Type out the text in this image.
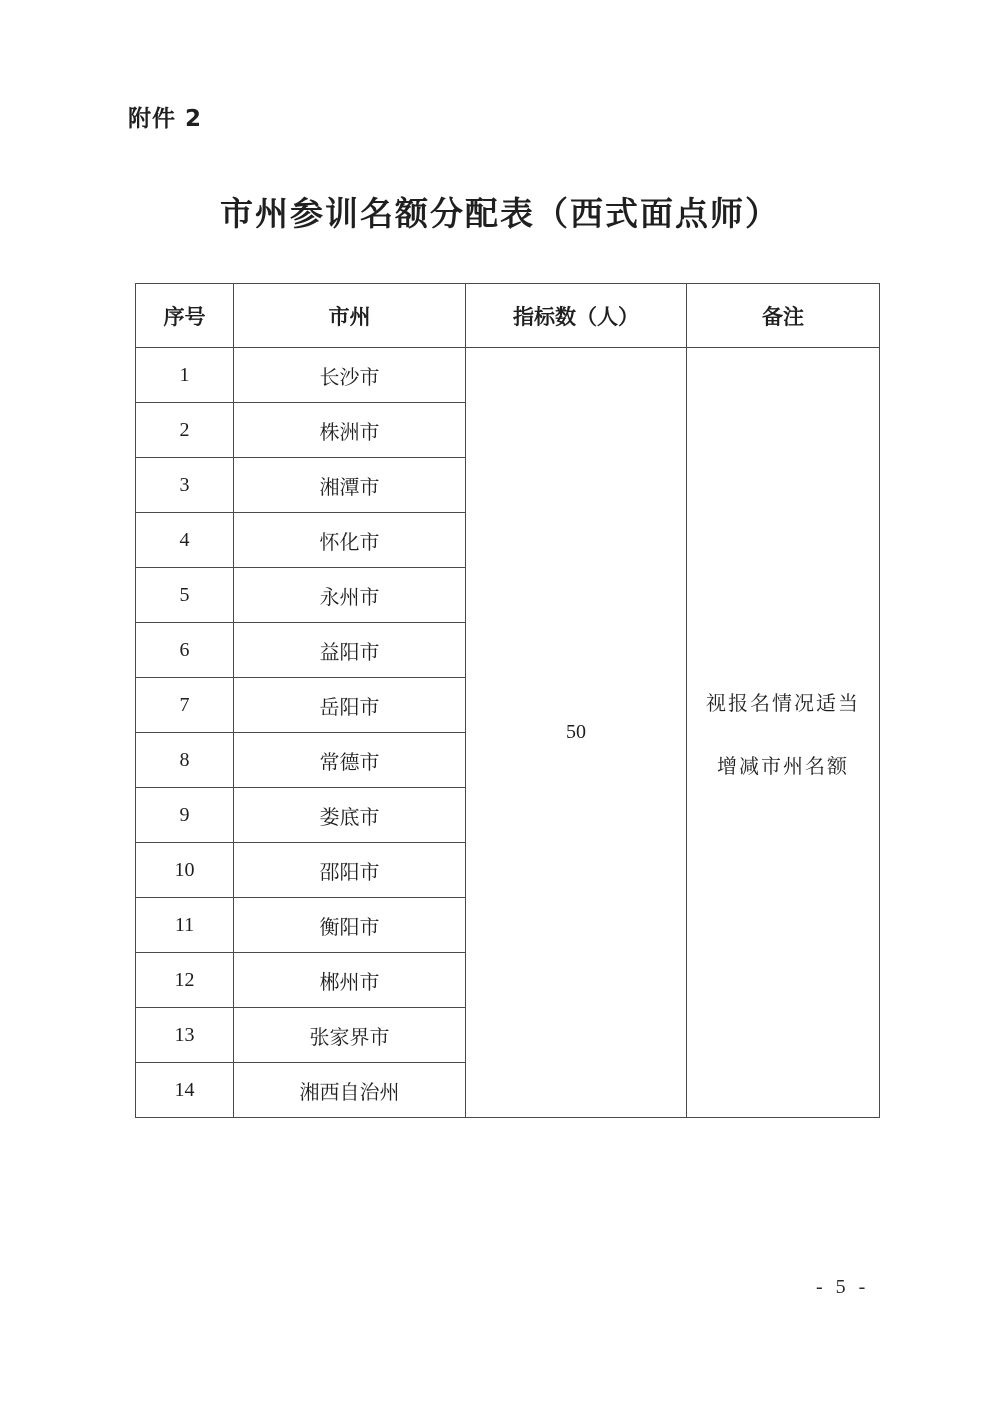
附件 2
市州参训名额分配表（西式面点师）
序号	市州	指标数（人）	备注
1	长沙市	50	视报名情况适当
增减市州名额

2	株洲市		
3	湘潭市		
4	怀化市		
5	永州市		
6	益阳市		
7	岳阳市		
8	常德市		
9	娄底市		
10	邵阳市		
11	衡阳市		
12	郴州市		
13	张家界市		
14	湘西自治州		
- 5 -
